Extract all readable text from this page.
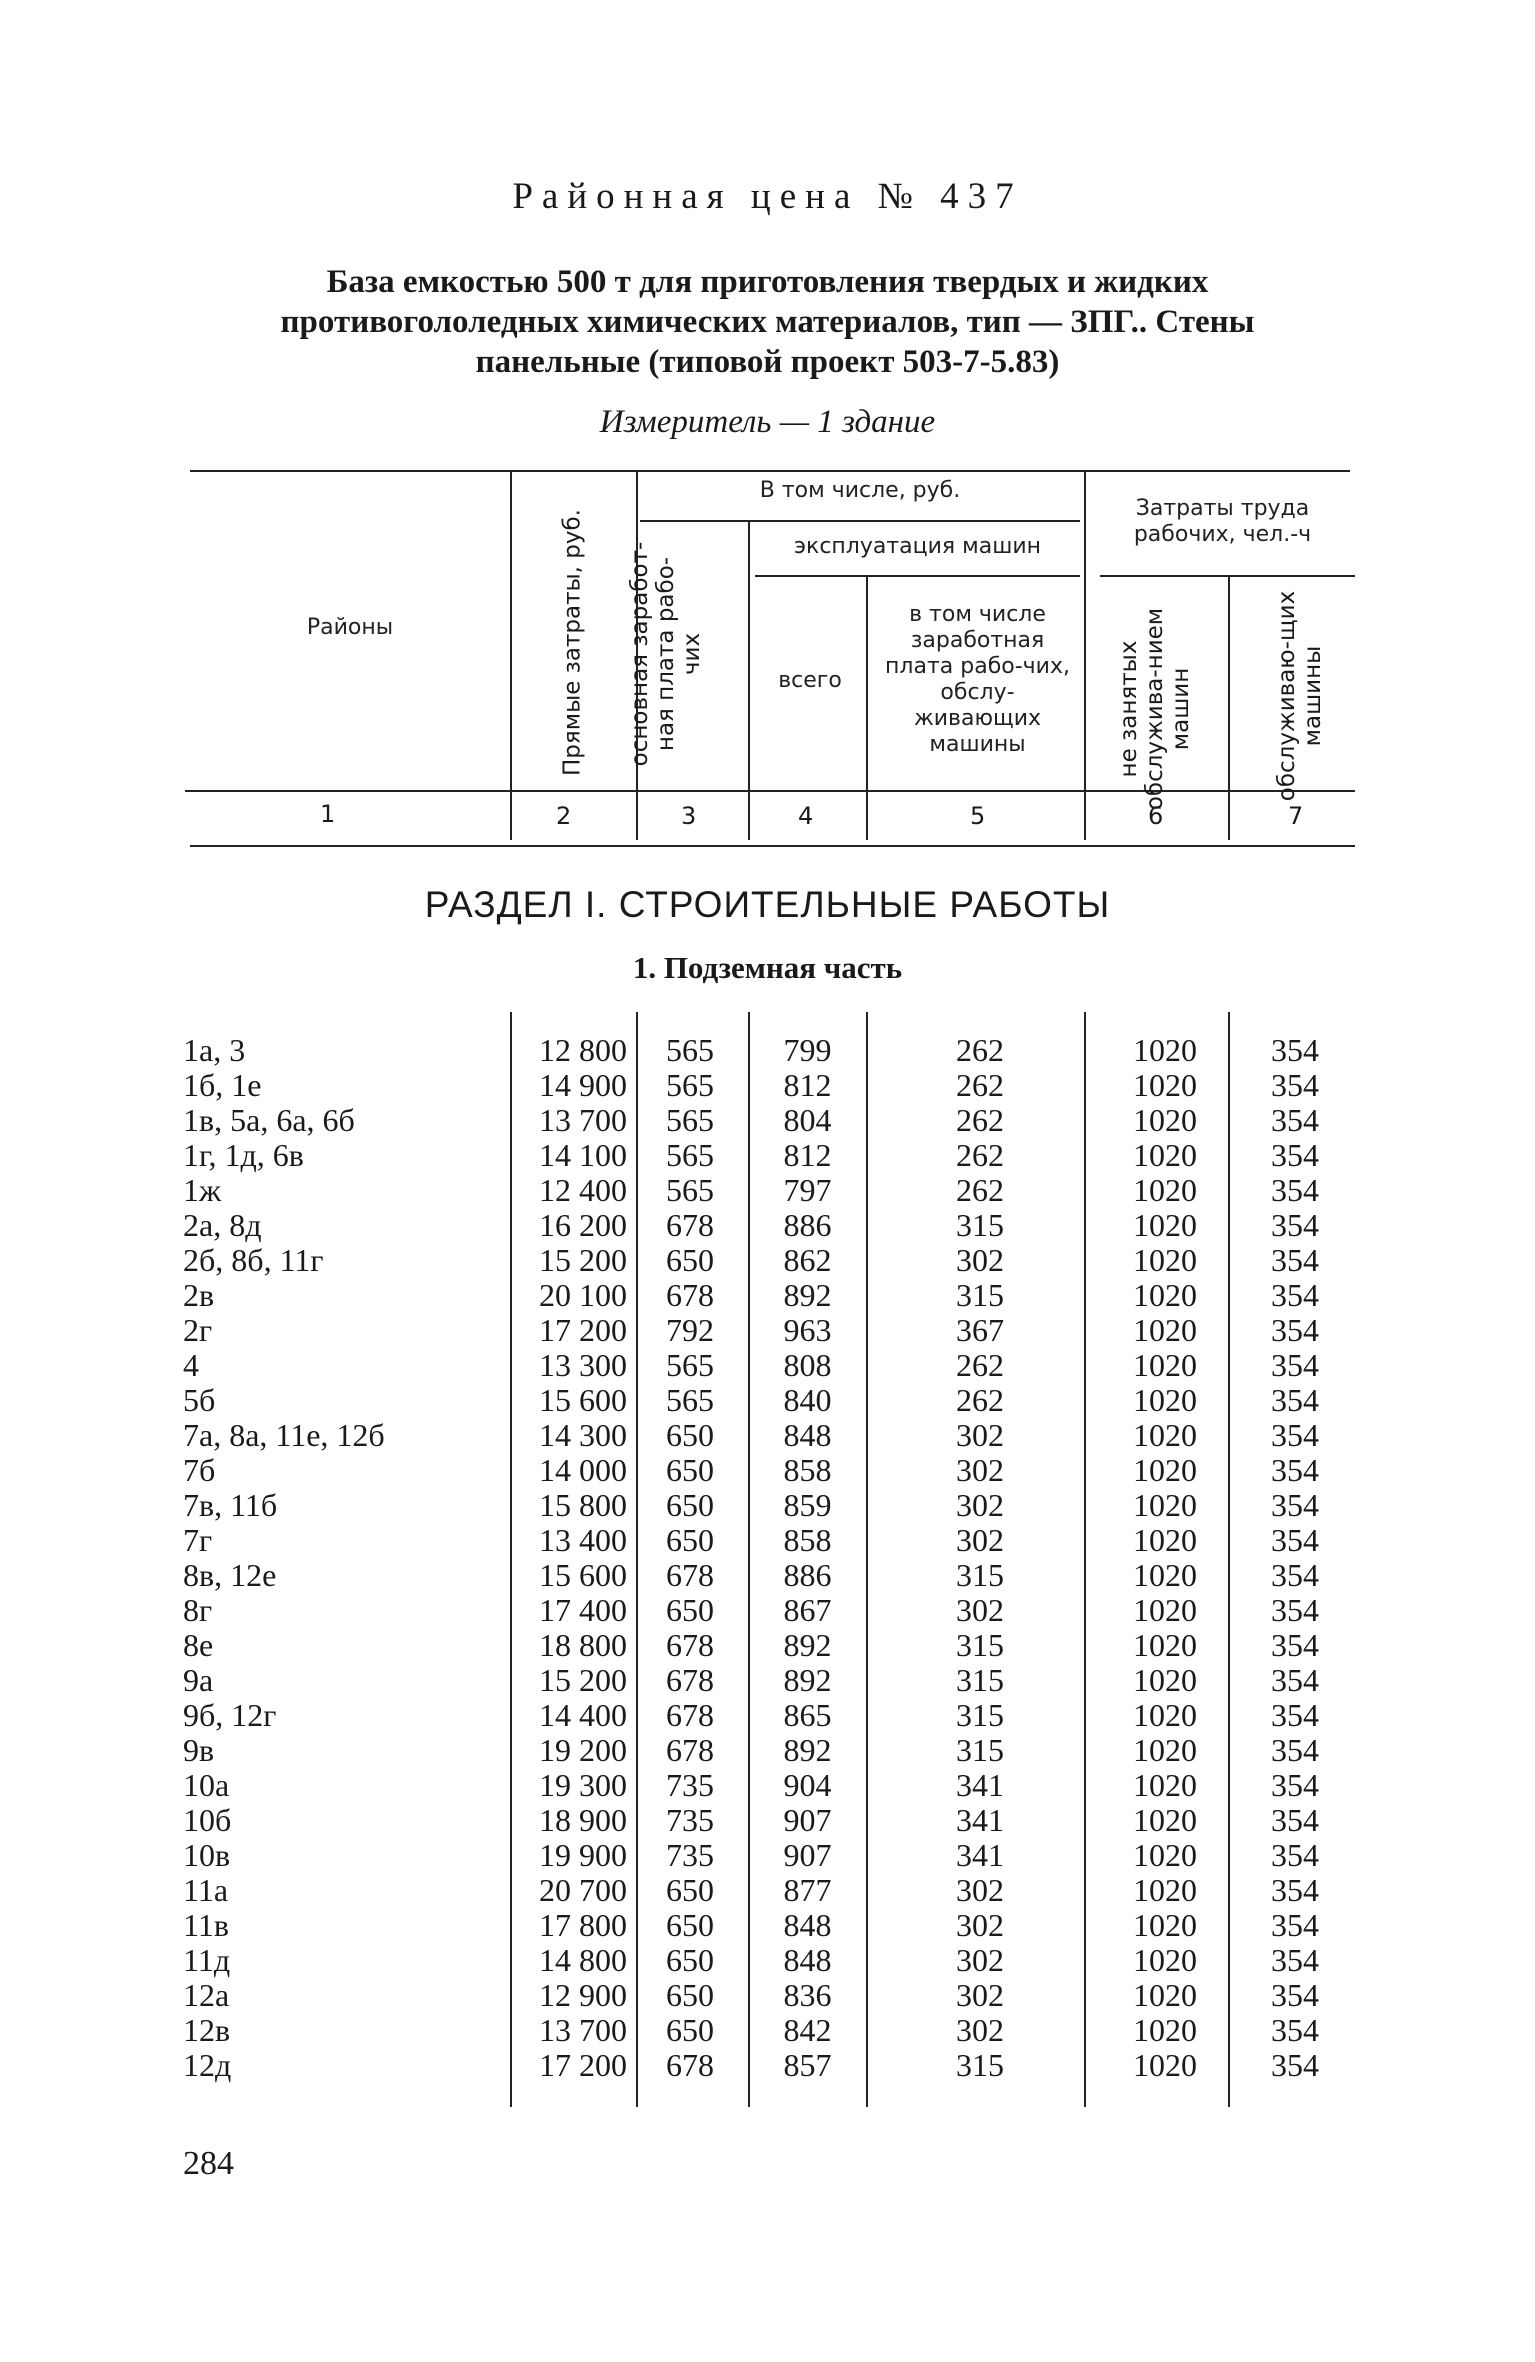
Районная цена № 437
База емкостью 500 т для приготовления твердых и жидких противогололедных химических материалов, тип — ЗПГ.. Стены панельные (типовой проект 503-7-5.83)
Измеритель — 1 здание
Районы	Прямые затраты, руб.
В том числе, руб.
основная заработ-ная плата рабо-чих
эксплуатация машин
всего
в том числе заработная плата рабо-чих, обслу-живающих машины
Затраты труда рабочих, чел.-ч
не занятых обслужива-нием машин	обслуживаю-щих машины
1	2	3	4	5	6	7
РАЗДЕЛ I. СТРОИТЕЛЬНЫЕ РАБОТЫ
1. Подземная часть
1а, 3	12 800	565	799	262	1020	354
1б, 1е	14 900	565	812	262	1020	354
1в, 5а, 6а, 6б	13 700	565	804	262	1020	354
1г, 1д, 6в	14 100	565	812	262	1020	354
1ж	12 400	565	797	262	1020	354
2а, 8д	16 200	678	886	315	1020	354
2б, 8б, 11г	15 200	650	862	302	1020	354
2в	20 100	678	892	315	1020	354
2г	17 200	792	963	367	1020	354
4	13 300	565	808	262	1020	354
5б	15 600	565	840	262	1020	354
7а, 8а, 11е, 12б	14 300	650	848	302	1020	354
7б	14 000	650	858	302	1020	354
7в, 11б	15 800	650	859	302	1020	354
7г	13 400	650	858	302	1020	354
8в, 12е	15 600	678	886	315	1020	354
8г	17 400	650	867	302	1020	354
8е	18 800	678	892	315	1020	354
9а	15 200	678	892	315	1020	354
9б, 12г	14 400	678	865	315	1020	354
9в	19 200	678	892	315	1020	354
10а	19 300	735	904	341	1020	354
10б	18 900	735	907	341	1020	354
10в	19 900	735	907	341	1020	354
11а	20 700	650	877	302	1020	354
11в	17 800	650	848	302	1020	354
11д	14 800	650	848	302	1020	354
12а	12 900	650	836	302	1020	354
12в	13 700	650	842	302	1020	354
12д	17 200	678	857	315	1020	354
284
